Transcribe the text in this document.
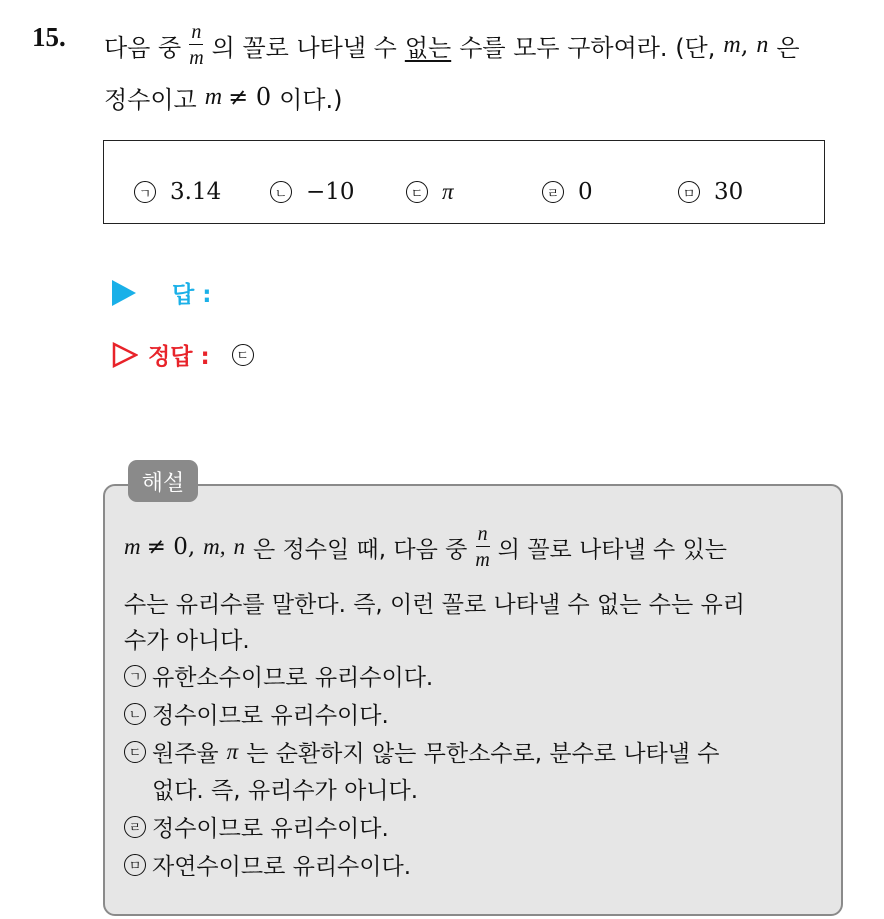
15. 다음 중 $\frac{n}{m}$ 의 꼴로 나타낼 수 없는 수를 모두 구하여라. (단, m , n 은
정수이고 m ≠ 0 이다.)
ㄱ 3.14	ㄴ −10	ㄷ π	ㄹ 0	ㅁ 30
답 :
정답 :	ㄷ
해설
m ≠ 0, m, n 은 정수일 때, 다음 중 $\frac{n}{m}$ 의 꼴로 나타낼 수 있는
수는 유리수를 말한다. 즉, 이런 꼴로 나타낼 수 없는 수는 유리
수가 아니다.
ㄱ 유한소수이므로 유리수이다.
ㄴ 정수이므로 유리수이다.
ㄷ 원주율 π 는 순환하지 않는 무한소수로, 분수로 나타낼 수
없다. 즉, 유리수가 아니다.
ㄹ 정수이므로 유리수이다.
ㅁ 자연수이므로 유리수이다.
